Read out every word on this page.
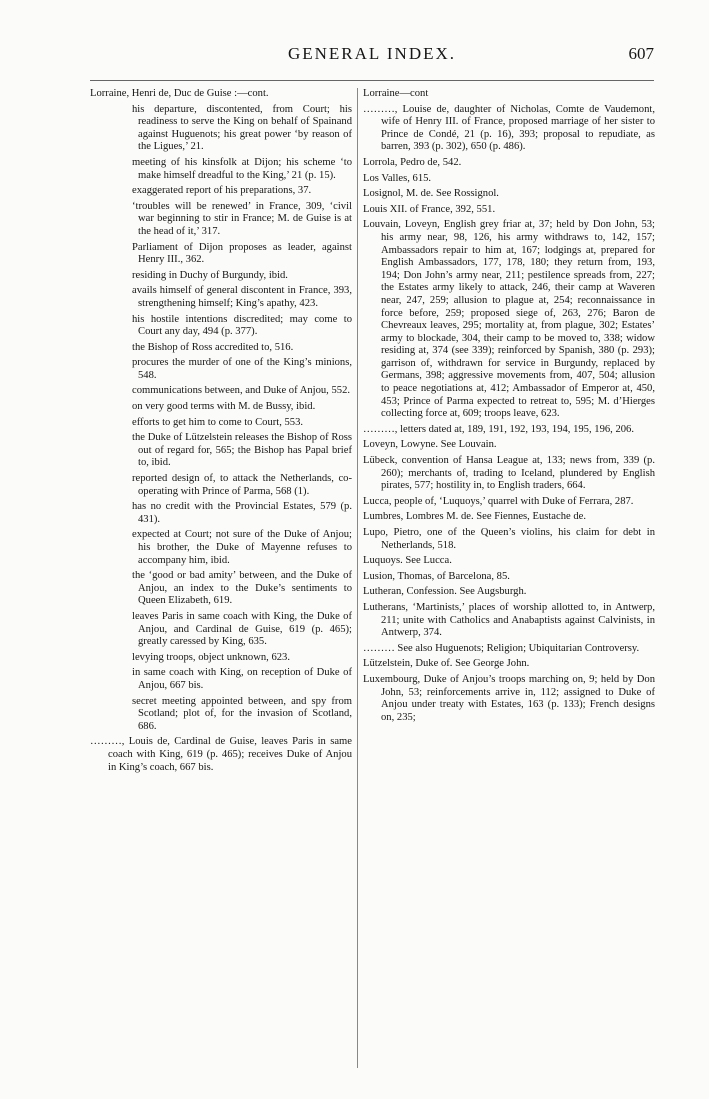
GENERAL INDEX.	607

Lorraine, Henri de, Duc de Guise :—cont.

his departure, discontented, from Court; his readiness to serve the King on behalf of Spainand against Huguenots; his great power ‘by reason of the Ligues,’ 21.

meeting of his kinsfolk at Dijon; his scheme ‘to make himself dreadful to the King,’ 21 (p. 15).

exaggerated report of his preparations, 37.

‘troubles will be renewed’ in France, 309, ‘civil war beginning to stir in France; M. de Guise is at the head of it,’ 317.

Parliament of Dijon proposes as leader, against Henry III., 362.

residing in Duchy of Burgundy, ibid.

avails himself of general discontent in France, 393, strengthening himself; King’s apathy, 423.

his hostile intentions discredited; may come to Court any day, 494 (p. 377).

the Bishop of Ross accredited to, 516.

procures the murder of one of the King’s minions, 548.

communications between, and Duke of Anjou, 552.

on very good terms with M. de Bussy, ibid.

efforts to get him to come to Court, 553.

the Duke of Lützelstein releases the Bishop of Ross out of regard for, 565; the Bishop has Papal brief to, ibid.

reported design of, to attack the Netherlands, co-operating with Prince of Parma, 568 (1).

has no credit with the Provincial Estates, 579 (p. 431).

expected at Court; not sure of the Duke of Anjou; his brother, the Duke of Mayenne refuses to accompany him, ibid.

the ‘good or bad amity’ between, and the Duke of Anjou, an index to the Duke’s sentiments to Queen Elizabeth, 619.

leaves Paris in same coach with King, the Duke of Anjou, and Cardinal de Guise, 619 (p. 465); greatly caressed by King, 635.

levying troops, object unknown, 623.

in same coach with King, on reception of Duke of Anjou, 667 bis.

secret meeting appointed between, and spy from Scotland; plot of, for the invasion of Scotland, 686.

………, Louis de, Cardinal de Guise, leaves Paris in same coach with King, 619 (p. 465); receives Duke of Anjou in King’s coach, 667 bis.

Lorraine—cont

………, Louise de, daughter of Nicholas, Comte de Vaudemont, wife of Henry III. of France, proposed marriage of her sister to Prince de Condé, 21 (p. 16), 393; proposal to repudiate, as barren, 393 (p. 302), 650 (p. 486).

Lorrola, Pedro de, 542.

Los Valles, 615.

Losignol, M. de. See Rossignol.

Louis XII. of France, 392, 551.

Louvain, Loveyn, English grey friar at, 37; held by Don John, 53; his army near, 98, 126, his army withdraws to, 142, 157; Ambassadors repair to him at, 167; lodgings at, prepared for English Ambassadors, 177, 178, 180; they return from, 193, 194; Don John’s army near, 211; pestilence spreads from, 227; the Estates army likely to attack, 246, their camp at Waveren near, 247, 259; allusion to plague at, 254; reconnaissance in force before, 259; proposed siege of, 263, 276; Baron de Chevreaux leaves, 295; mortality at, from plague, 302; Estates’ army to blockade, 304, their camp to be moved to, 338; widow residing at, 374 (see 339); reinforced by Spanish, 380 (p. 293); garrison of, withdrawn for service in Burgundy, replaced by Germans, 398; aggressive movements from, 407, 504; allusion to peace negotiations at, 412; Ambassador of Emperor at, 450, 453; Prince of Parma expected to retreat to, 595; M. d’Hierges collecting force at, 609; troops leave, 623.

………, letters dated at, 189, 191, 192, 193, 194, 195, 196, 206.

Loveyn, Lowyne. See Louvain.

Lübeck, convention of Hansa League at, 133; news from, 339 (p. 260); merchants of, trading to Iceland, plundered by English pirates, 577; hostility in, to English traders, 664.

Lucca, people of, ‘Luquoys,’ quarrel with Duke of Ferrara, 287.

Lumbres, Lombres M. de. See Fiennes, Eustache de.

Lupo, Pietro, one of the Queen’s violins, his claim for debt in Netherlands, 518.

Luquoys. See Lucca.

Lusion, Thomas, of Barcelona, 85.

Lutheran, Confession. See Augsburgh.

Lutherans, ‘Martinists,’ places of worship allotted to, in Antwerp, 211; unite with Catholics and Anabaptists against Calvinists, in Antwerp, 374.

……… See also Huguenots; Religion; Ubiquitarian Controversy.

Lützelstein, Duke of. See George John.

Luxembourg, Duke of Anjou’s troops marching on, 9; held by Don John, 53; reinforcements arrive in, 112; assigned to Duke of Anjou under treaty with Estates, 163 (p. 133); French designs on, 235;
